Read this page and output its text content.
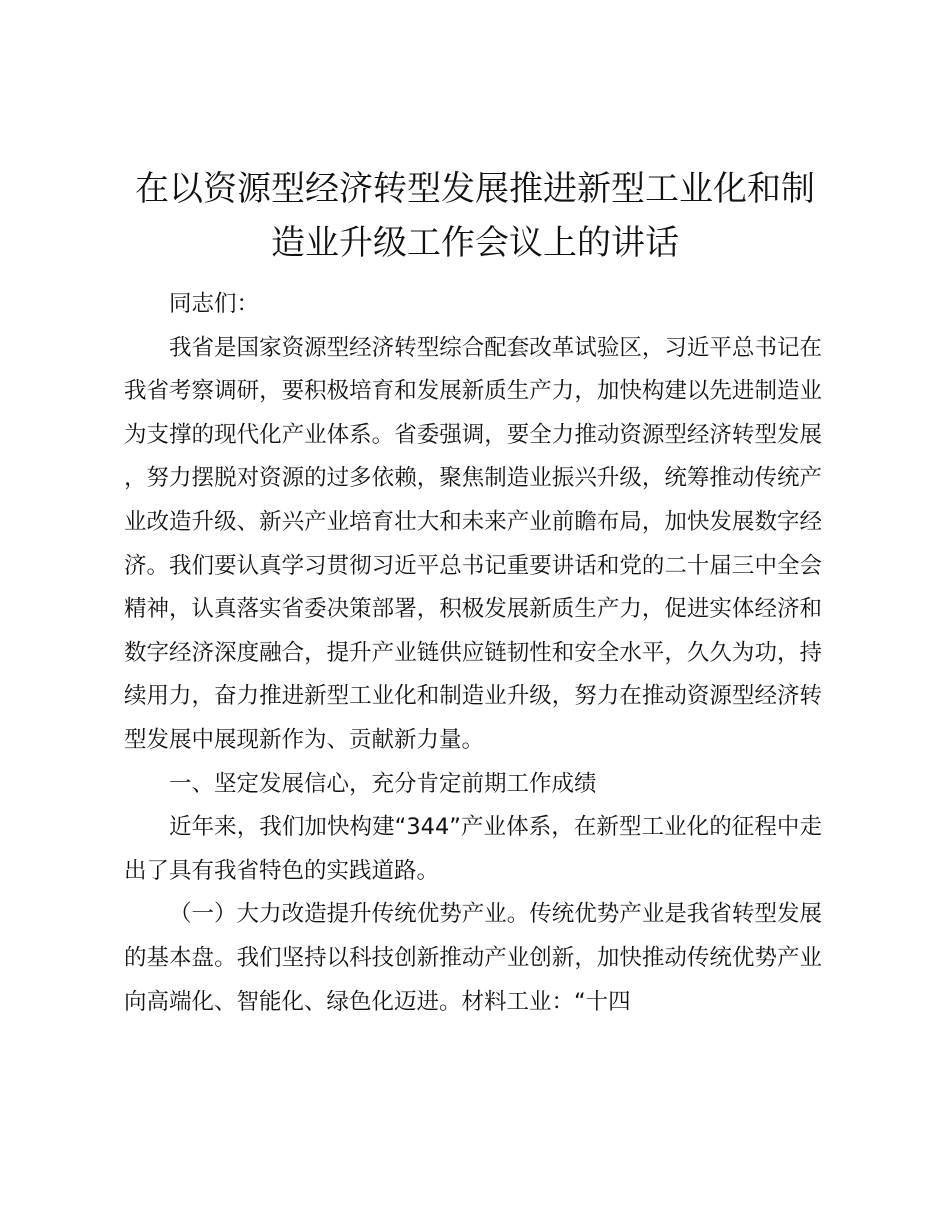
在以资源型经济转型发展推进新型工业化和制造业升级工作会议上的讲话

同志们：

我省是国家资源型经济转型综合配套改革试验区，习近平总书记在我省考察调研，要积极培育和发展新质生产力，加快构建以先进制造业为支撑的现代化产业体系。省委强调，要全力推动资源型经济转型发展，努力摆脱对资源的过多依赖，聚焦制造业振兴升级，统筹推动传统产业改造升级、新兴产业培育壮大和未来产业前瞻布局，加快发展数字经济。我们要认真学习贯彻习近平总书记重要讲话和党的二十届三中全会精神，认真落实省委决策部署，积极发展新质生产力，促进实体经济和数字经济深度融合，提升产业链供应链韧性和安全水平，久久为功，持续用力，奋力推进新型工业化和制造业升级，努力在推动资源型经济转型发展中展现新作为、贡献新力量。

一、坚定发展信心，充分肯定前期工作成绩

近年来，我们加快构建“344”产业体系，在新型工业化的征程中走出了具有我省特色的实践道路。

（一）大力改造提升传统优势产业。传统优势产业是我省转型发展的基本盘。我们坚持以科技创新推动产业创新，加快推动传统优势产业向高端化、智能化、绿色化迈进。材料工业：“十四
